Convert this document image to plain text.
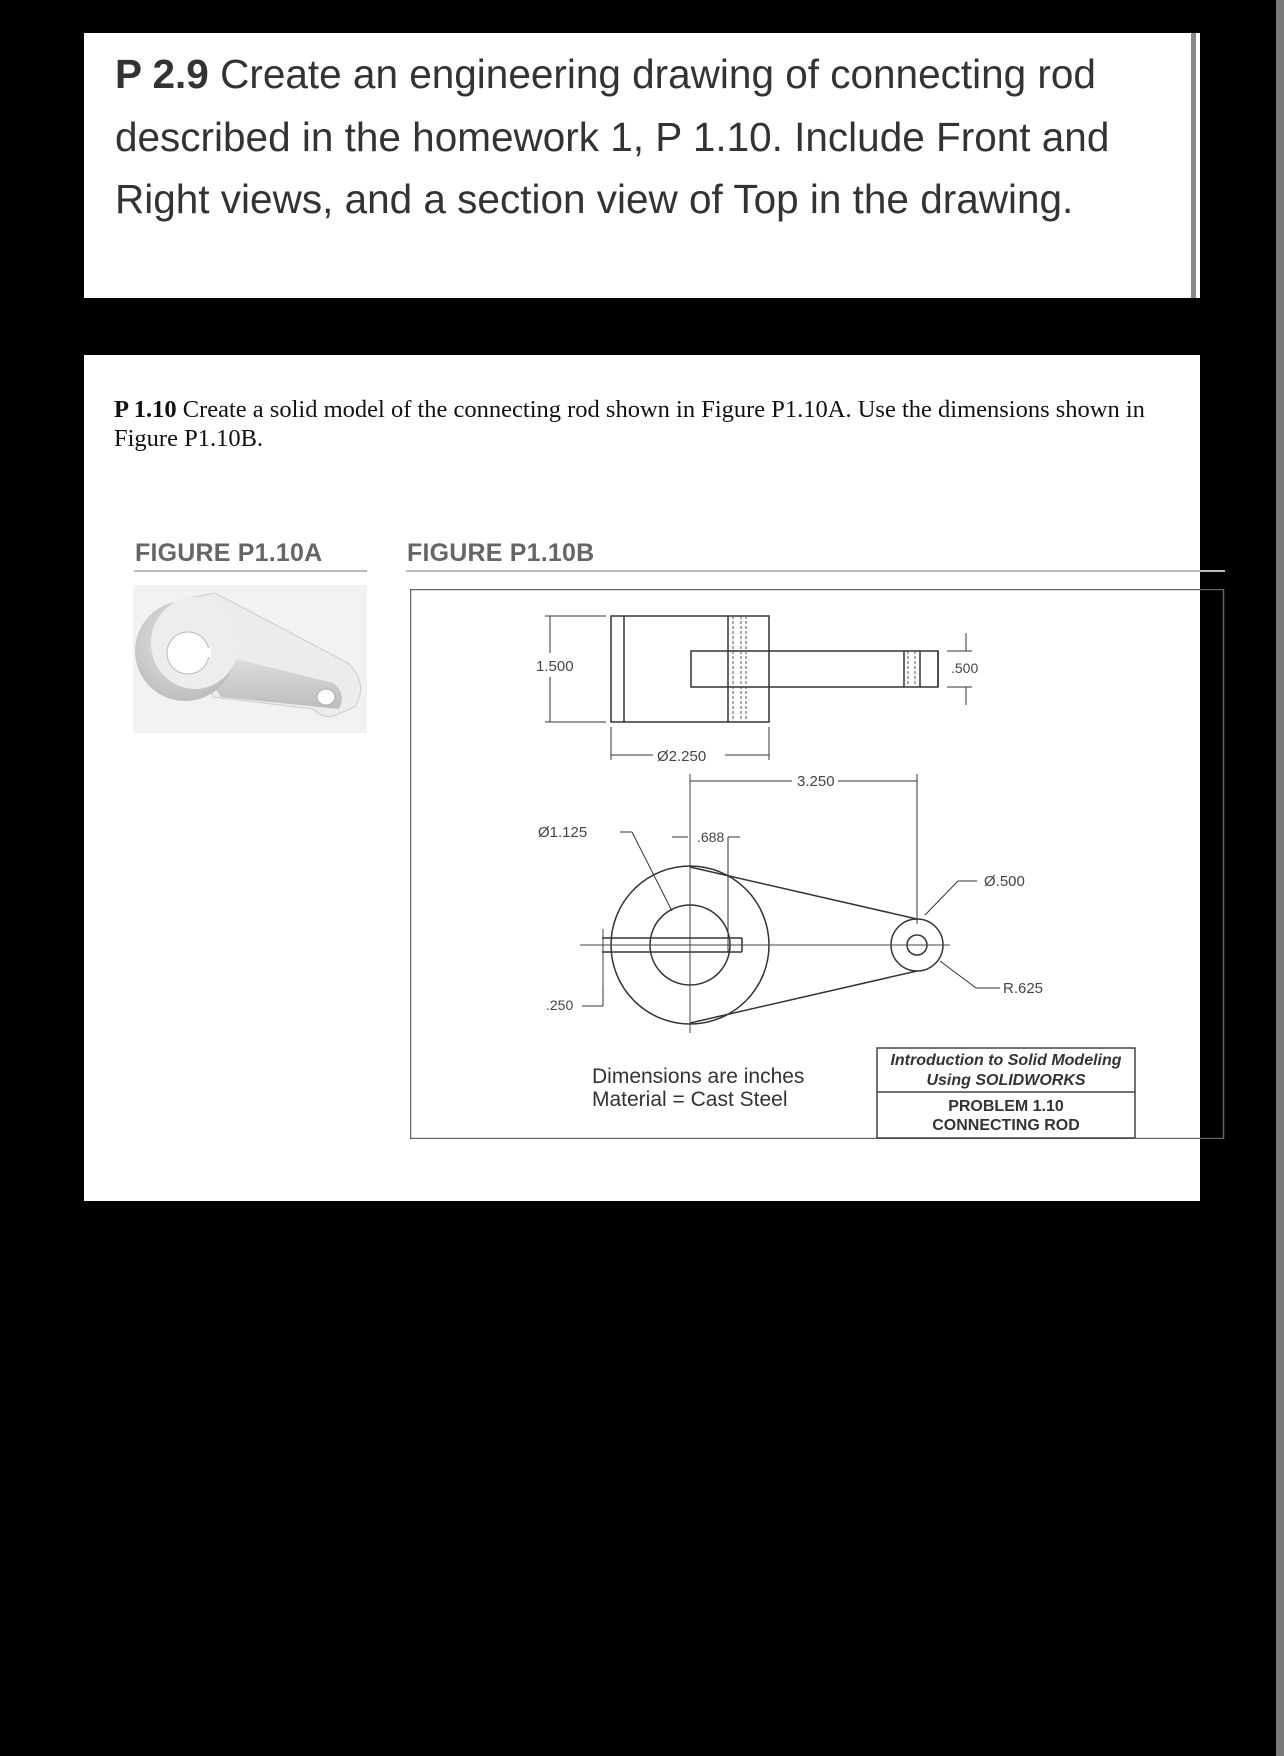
P 2.9 Create an engineering drawing of connecting rod described in the homework 1, P 1.10. Include Front and Right views, and a section view of Top in the drawing.
P 1.10 Create a solid model of the connecting rod shown in Figure P1.10A. Use the dimensions shown in Figure P1.10B.
FIGURE P1.10A	FIGURE P1.10B
1.500	.500
Ø2.250
3.250
Ø1.125	.688
Ø.500
R.625
.250
Dimensions are inches
Material = Cast Steel
Introduction to Solid Modeling
Using SOLIDWORKS
PROBLEM 1.10
CONNECTING ROD
